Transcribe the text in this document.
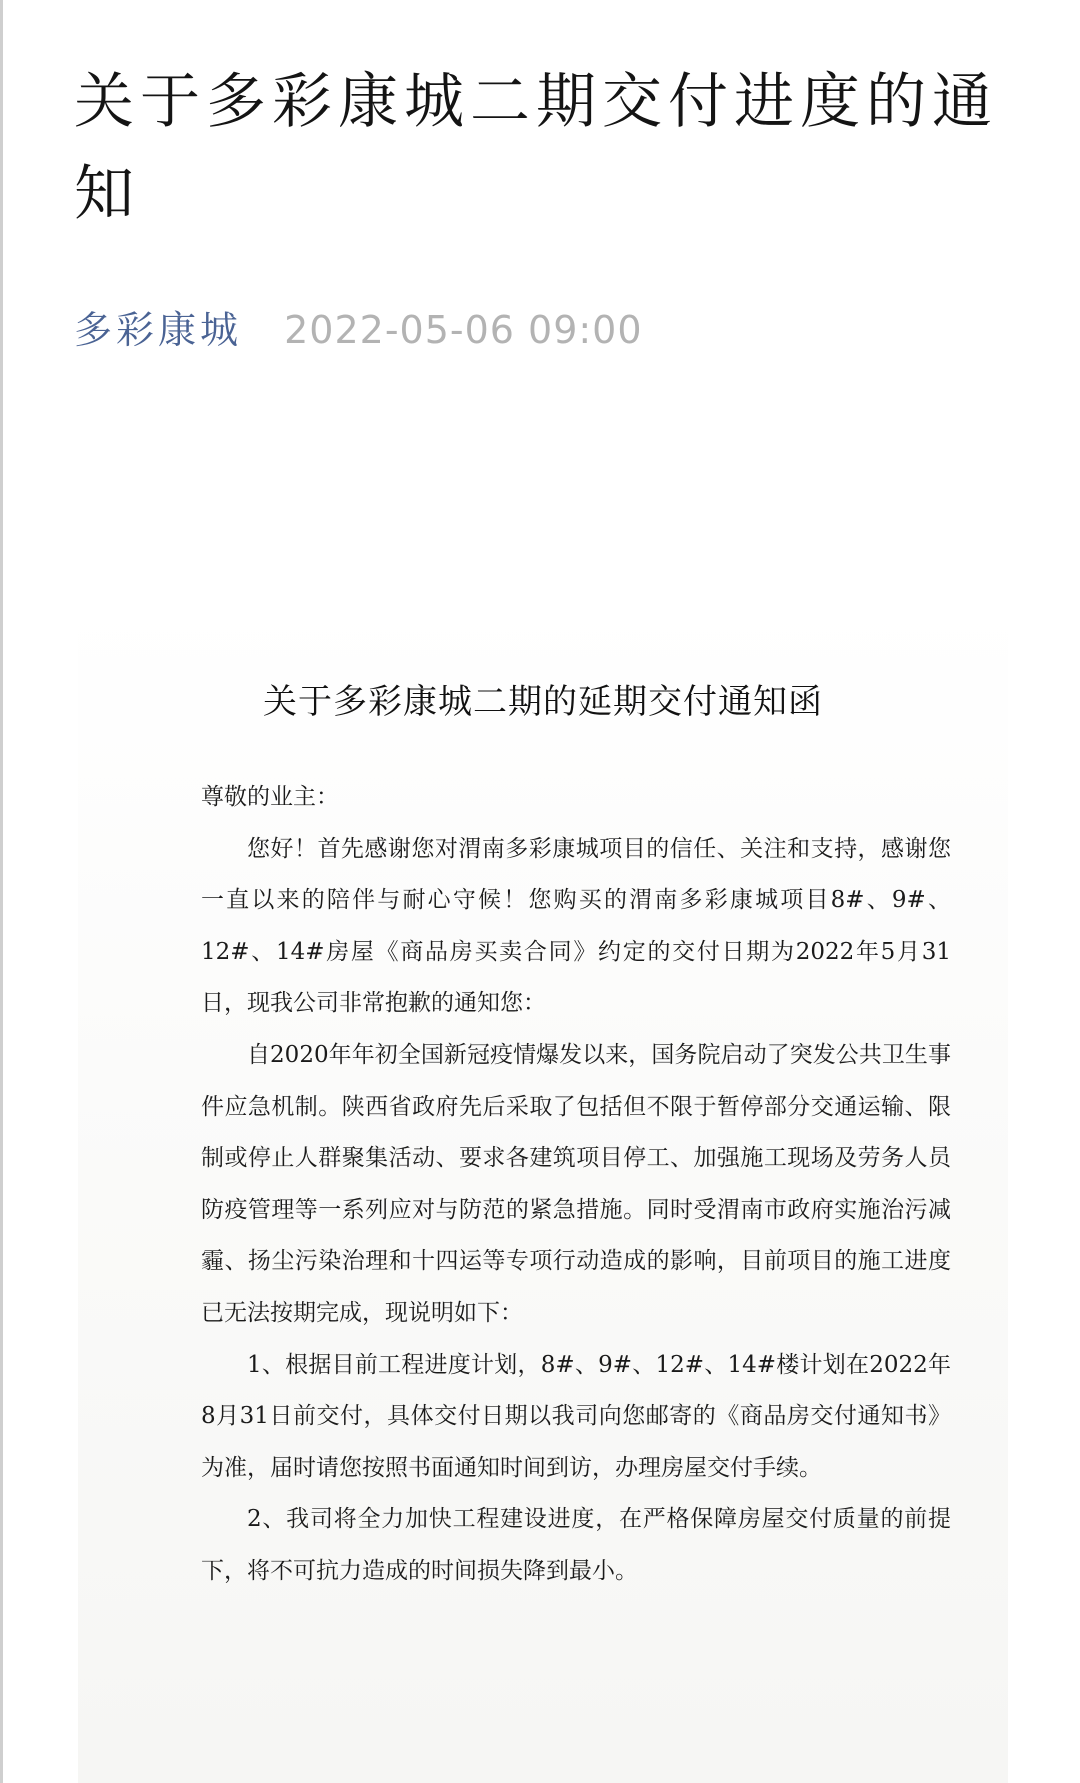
关于多彩康城二期交付进度的通知
多彩康城 2022-05-06 09:00
关于多彩康城二期的延期交付通知函

尊敬的业主：

您好！首先感谢您对渭南多彩康城项目的信任、关注和支持，感谢您一直以来的陪伴与耐心守候！您购买的渭南多彩康城项目8#、9#、12#、14#房屋《商品房买卖合同》约定的交付日期为2022年5月31日，现我公司非常抱歉的通知您：

自2020年年初全国新冠疫情爆发以来，国务院启动了突发公共卫生事件应急机制。陕西省政府先后采取了包括但不限于暂停部分交通运输、限制或停止人群聚集活动、要求各建筑项目停工、加强施工现场及劳务人员防疫管理等一系列应对与防范的紧急措施。同时受渭南市政府实施治污减霾、扬尘污染治理和十四运等专项行动造成的影响，目前项目的施工进度已无法按期完成，现说明如下：

1、根据目前工程进度计划，8#、9#、12#、14#楼计划在2022年8月31日前交付，具体交付日期以我司向您邮寄的《商品房交付通知书》为准，届时请您按照书面通知时间到访，办理房屋交付手续。

2、我司将全力加快工程建设进度，在严格保障房屋交付质量的前提下，将不可抗力造成的时间损失降到最小。
